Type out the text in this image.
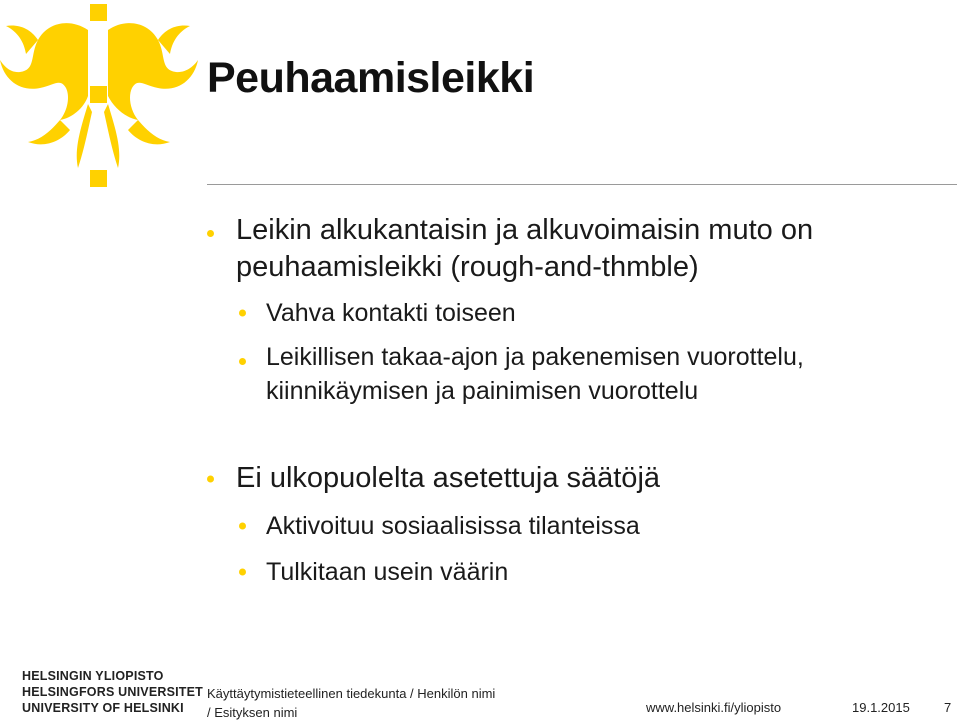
Peuhaamisleikki
Leikin alkukantaisin ja alkuvoimaisin muto on
peuhaamisleikki (rough-and-thmble)
Vahva kontakti toiseen
Leikillisen takaa-ajon ja pakenemisen vuorottelu,
kiinnikäymisen ja painimisen vuorottelu
Ei ulkopuolelta asetettuja säätöjä
Aktivoituu sosiaalisissa tilanteissa
Tulkitaan usein väärin
HELSINGIN YLIOPISTO
HELSINGFORS UNIVERSITET
UNIVERSITY OF HELSINKI
Käyttäytymistieteellinen tiedekunta / Henkilön nimi
/ Esityksen nimi	www.helsinki.fi/yliopisto	19.1.2015	7
